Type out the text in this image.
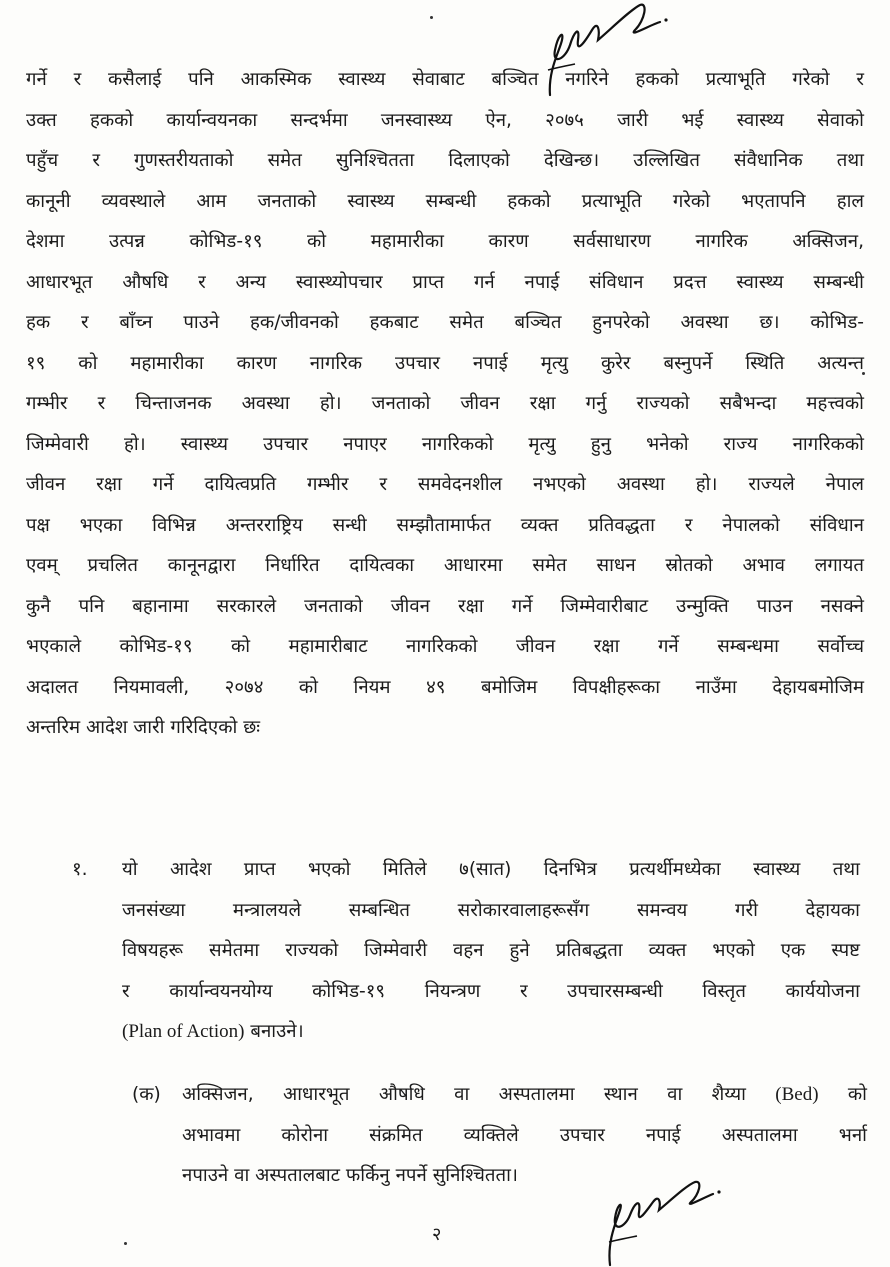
गर्ने र कसैलाई पनि आकस्मिक स्वास्थ्य सेवाबाट बञ्चित नगरिने हकको प्रत्याभूति गरेको र
उक्त हकको कार्यान्वयनका सन्दर्भमा जनस्वास्थ्य ऐन, २०७५ जारी भई स्वास्थ्य सेवाको
पहुँच र गुणस्तरीयताको समेत सुनिश्चितता दिलाएको देखिन्छ। उल्लिखित संवैधानिक तथा
कानूनी व्यवस्थाले आम जनताको स्वास्थ्य सम्बन्धी हकको प्रत्याभूति गरेको भएतापनि हाल
देशमा उत्पन्न कोभिड-१९ को महामारीका कारण सर्वसाधारण नागरिक अक्सिजन,
आधारभूत औषधि र अन्य स्वास्थ्योपचार प्राप्त गर्न नपाई संविधान प्रदत्त स्वास्थ्य सम्बन्धी
हक र बाँच्न पाउने हक/जीवनको हकबाट समेत बञ्चित हुनपरेको अवस्था छ। कोभिड-
१९ को महामारीका कारण नागरिक उपचार नपाई मृत्यु कुरेर बस्नुपर्ने स्थिति अत्यन्त
गम्भीर र चिन्ताजनक अवस्था हो। जनताको जीवन रक्षा गर्नु राज्यको सबैभन्दा महत्त्वको
जिम्मेवारी हो। स्वास्थ्य उपचार नपाएर नागरिकको मृत्यु हुनु भनेको राज्य नागरिकको
जीवन रक्षा गर्ने दायित्वप्रति गम्भीर र समवेदनशील नभएको अवस्था हो। राज्यले नेपाल
पक्ष भएका विभिन्न अन्तरराष्ट्रिय सन्धी सम्झौतामार्फत व्यक्त प्रतिवद्धता र नेपालको संविधान
एवम् प्रचलित कानूनद्वारा निर्धारित दायित्वका आधारमा समेत साधन स्रोतको अभाव लगायत
कुनै पनि बहानामा सरकारले जनताको जीवन रक्षा गर्ने जिम्मेवारीबाट उन्मुक्ति पाउन नसक्ने
भएकाले कोभिड-१९ को महामारीबाट नागरिकको जीवन रक्षा गर्ने सम्बन्धमा सर्वोच्च
अदालत नियमावली, २०७४ को नियम ४९ बमोजिम विपक्षीहरूका नाउँमा देहायबमोजिम
अन्तरिम आदेश जारी गरिदिएको छः
१. यो आदेश प्राप्त भएको मितिले ७(सात) दिनभित्र प्रत्यर्थीमध्येका स्वास्थ्य तथा
जनसंख्या मन्त्रालयले सम्बन्धित सरोकारवालाहरूसँग समन्वय गरी देहायका
विषयहरू समेतमा राज्यको जिम्मेवारी वहन हुने प्रतिबद्धता व्यक्त भएको एक स्पष्ट
र कार्यान्वयनयोग्य कोभिड-१९ नियन्त्रण र उपचारसम्बन्धी विस्तृत कार्ययोजना
(Plan of Action) बनाउने।
(क) अक्सिजन, आधारभूत औषधि वा अस्पतालमा स्थान वा शैय्या (Bed) को
अभावमा कोरोना संक्रमित व्यक्तिले उपचार नपाई अस्पतालमा भर्ना
नपाउने वा अस्पतालबाट फर्किनु नपर्ने सुनिश्चितता।
२
